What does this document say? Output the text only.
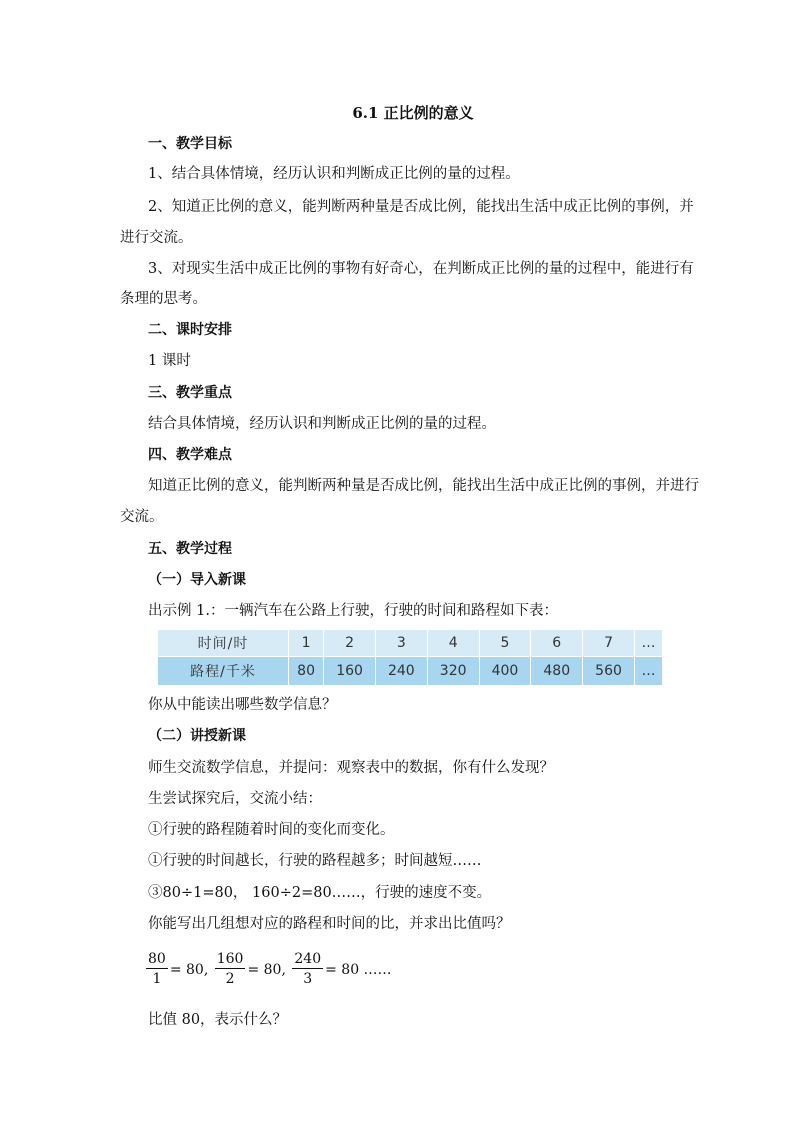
6.1 正比例的意义
一、教学目标
1、结合具体情境，经历认识和判断成正比例的量的过程。
2、知道正比例的意义，能判断两种量是否成比例，能找出生活中成正比例的事例，并
进行交流。
3、对现实生活中成正比例的事物有好奇心，在判断成正比例的量的过程中，能进行有
条理的思考。
二、课时安排
1 课时
三、教学重点
结合具体情境，经历认识和判断成正比例的量的过程。
四、教学难点
知道正比例的意义，能判断两种量是否成比例，能找出生活中成正比例的事例，并进行
交流。
五、教学过程
（一）导入新课
出示例 1.：一辆汽车在公路上行驶，行驶的时间和路程如下表：
时间/时	1	2	3	4	5	6	7	…
路程/千米	80	160	240	320	400	480	560	…
你从中能读出哪些数学信息？
（二）讲授新课
师生交流数学信息，并提问：观察表中的数据，你有什么发现？
生尝试探究后，交流小结：
①行驶的路程随着时间的变化而变化。
①行驶的时间越长，行驶的路程越多；时间越短……
③80÷1=80， 160÷2=80……，行驶的速度不变。
你能写出几组想对应的路程和时间的比，并求出比值吗？
$\frac{80}{1} = 80$, $\frac{160}{2} = 80$, $\frac{240}{3} = 80$ ……
比值 80，表示什么？
